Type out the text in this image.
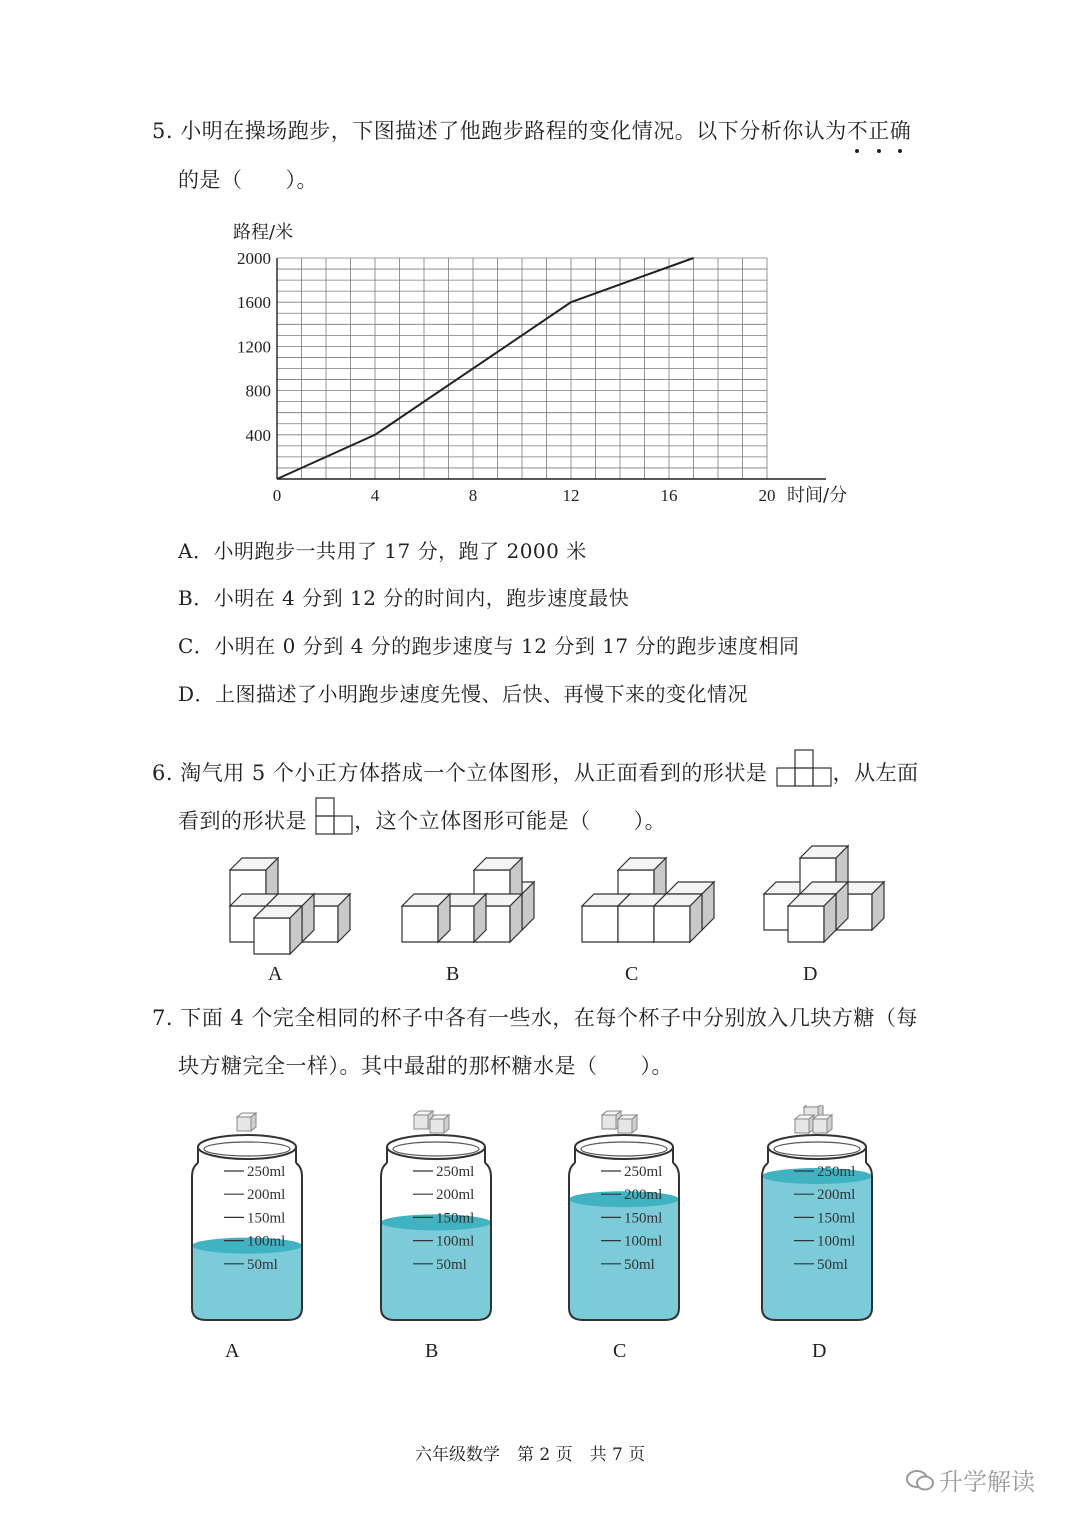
5. 小明在操场跑步，下图描述了他跑步路程的变化情况。以下分析你认为不正确
的是（　　）。
0	4	8	12	16	20
400
800
1200
1600
2000
时间/分
路程/米
A．小明跑步一共用了 17 分，跑了 2000 米
B．小明在 4 分到 12 分的时间内，跑步速度最快
C．小明在 0 分到 4 分的跑步速度与 12 分到 17 分的跑步速度相同
D．上图描述了小明跑步速度先慢、后快、再慢下来的变化情况
6. 淘气用 5 个小正方体搭成一个立体图形，从正面看到的形状是	，从左面
看到的形状是 ，这个立体图形可能是（　　）。
A	B	C	D
7. 下面 4 个完全相同的杯子中各有一些水，在每个杯子中分别放入几块方糖（每
块方糖完全一样）。其中最甜的那杯糖水是（　　）。
250ml
200ml
150ml
100ml
50ml
A
250ml
200ml
150ml
100ml
50ml
B
250ml
200ml
150ml
100ml
50ml
C
250ml
200ml
150ml
100ml
50ml
D
六年级数学　第 2 页　共 7 页
升学解读
